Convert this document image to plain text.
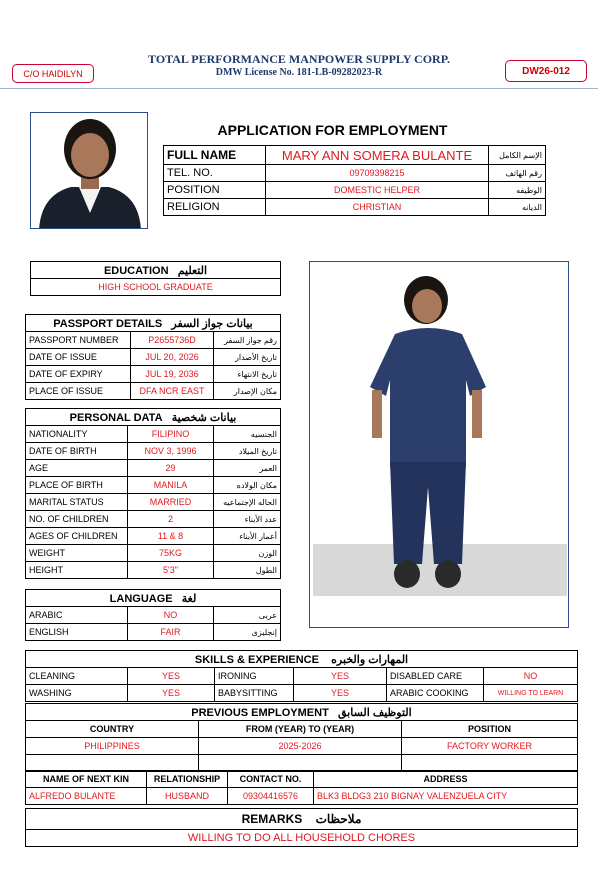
TOTAL PERFORMANCE MANPOWER SUPPLY CORP.
DMW License No. 181-LB-09282023-R
C/O HAIDILYN	DW26-012
APPLICATION FOR EMPLOYMENT
FULL NAME	MARY ANN SOMERA BULANTE	الإسم الكامل
TEL. NO.	09709398215	رقم الهاتف
POSITION	DOMESTIC HELPER	الوظيفه
RELIGION	CHRISTIAN	الديانه
EDUCATION التعليم
HIGH SCHOOL GRADUATE
PASSPORT DETAILS بيانات جواز السفر		
PASSPORT NUMBER	P2655736D	رقم جواز السفر
DATE OF ISSUE	JUL 20, 2026	تاريخ الأصدار
DATE OF EXPIRY	JUL 19, 2036	تاريخ الانتهاء
PLACE OF ISSUE	DFA NCR EAST	مكان الإصدار
PERSONAL DATA بيانات شخصية		
NATIONALITY	FILIPINO	الجنسيه
DATE OF BIRTH	NOV 3, 1996	تاريخ الميلاد
AGE	29	العمر
PLACE OF BIRTH	MANILA	مكان الولاده
MARITAL STATUS	MARRIED	الحاله الإجتماعيه
NO. OF CHILDREN	2	عدد الأبناء
AGES OF CHILDREN	11 & 8	أعمار الأبناء
WEIGHT	75KG	الوزن
HEIGHT	5'3"	الطول
LANGUAGE لغة		
ARABIC	NO	عربى
ENGLISH	FAIR	إنجليزى
SKILLS & EXPERIENCE المهارات والخبره					
CLEANING	YES	IRONING	YES	DISABLED CARE	NO
WASHING	YES	BABYSITTING	YES	ARABIC COOKING	WILLING TO LEARN
PREVIOUS EMPLOYMENT التوظيف السابق		
COUNTRY	FROM (YEAR) TO (YEAR)	POSITION
PHILIPPINES	2025-2026	FACTORY WORKER

NAME OF NEXT KIN	RELATIONSHIP	CONTACT NO.	ADDRESS
ALFREDO BULANTE	HUSBAND	09304416576	BLK3 BLDG3 210 BIGNAY VALENZUELA CITY
REMARKS ملاحظات
WILLING TO DO ALL HOUSEHOLD CHORES
